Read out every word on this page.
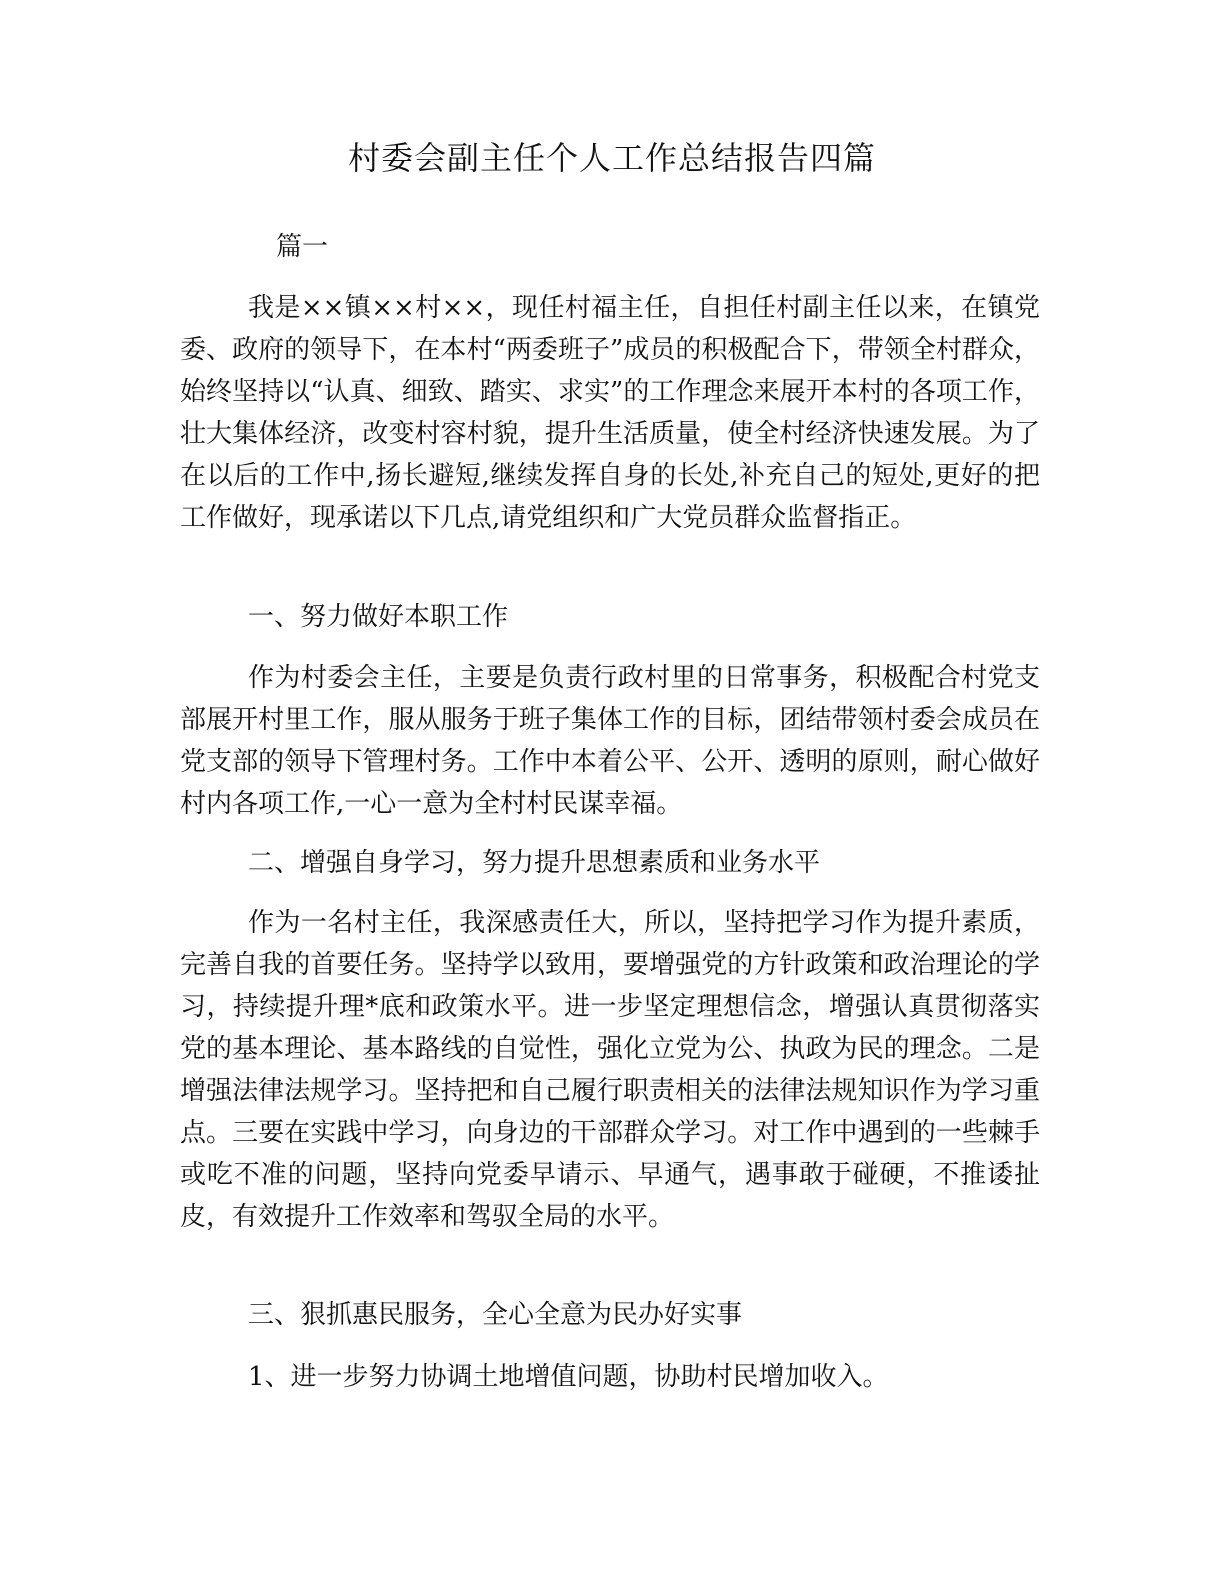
村委会副主任个人工作总结报告四篇
篇一
我是××镇××村××，现任村福主任，自担任村副主任以来，在镇党委、政府的领导下，在本村“两委班子”成员的积极配合下，带领全村群众，始终坚持以“认真、细致、踏实、求实”的工作理念来展开本村的各项工作，壮大集体经济，改变村容村貌，提升生活质量，使全村经济快速发展。为了在以后的工作中,扬长避短,继续发挥自身的长处,补充自己的短处,更好的把工作做好，现承诺以下几点,请党组织和广大党员群众监督指正。
一、努力做好本职工作
作为村委会主任，主要是负责行政村里的日常事务，积极配合村党支部展开村里工作，服从服务于班子集体工作的目标，团结带领村委会成员在党支部的领导下管理村务。工作中本着公平、公开、透明的原则，耐心做好村内各项工作,一心一意为全村村民谋幸福。
二、增强自身学习，努力提升思想素质和业务水平
作为一名村主任，我深感责任大，所以，坚持把学习作为提升素质，完善自我的首要任务。坚持学以致用，要增强党的方针政策和政治理论的学习，持续提升理*底和政策水平。进一步坚定理想信念，增强认真贯彻落实党的基本理论、基本路线的自觉性，强化立党为公、执政为民的理念。二是增强法律法规学习。坚持把和自己履行职责相关的法律法规知识作为学习重点。三要在实践中学习，向身边的干部群众学习。对工作中遇到的一些棘手或吃不准的问题，坚持向党委早请示、早通气，遇事敢于碰硬，不推诿扯皮，有效提升工作效率和驾驭全局的水平。
三、狠抓惠民服务，全心全意为民办好实事
1、进一步努力协调土地增值问题，协助村民增加收入。
